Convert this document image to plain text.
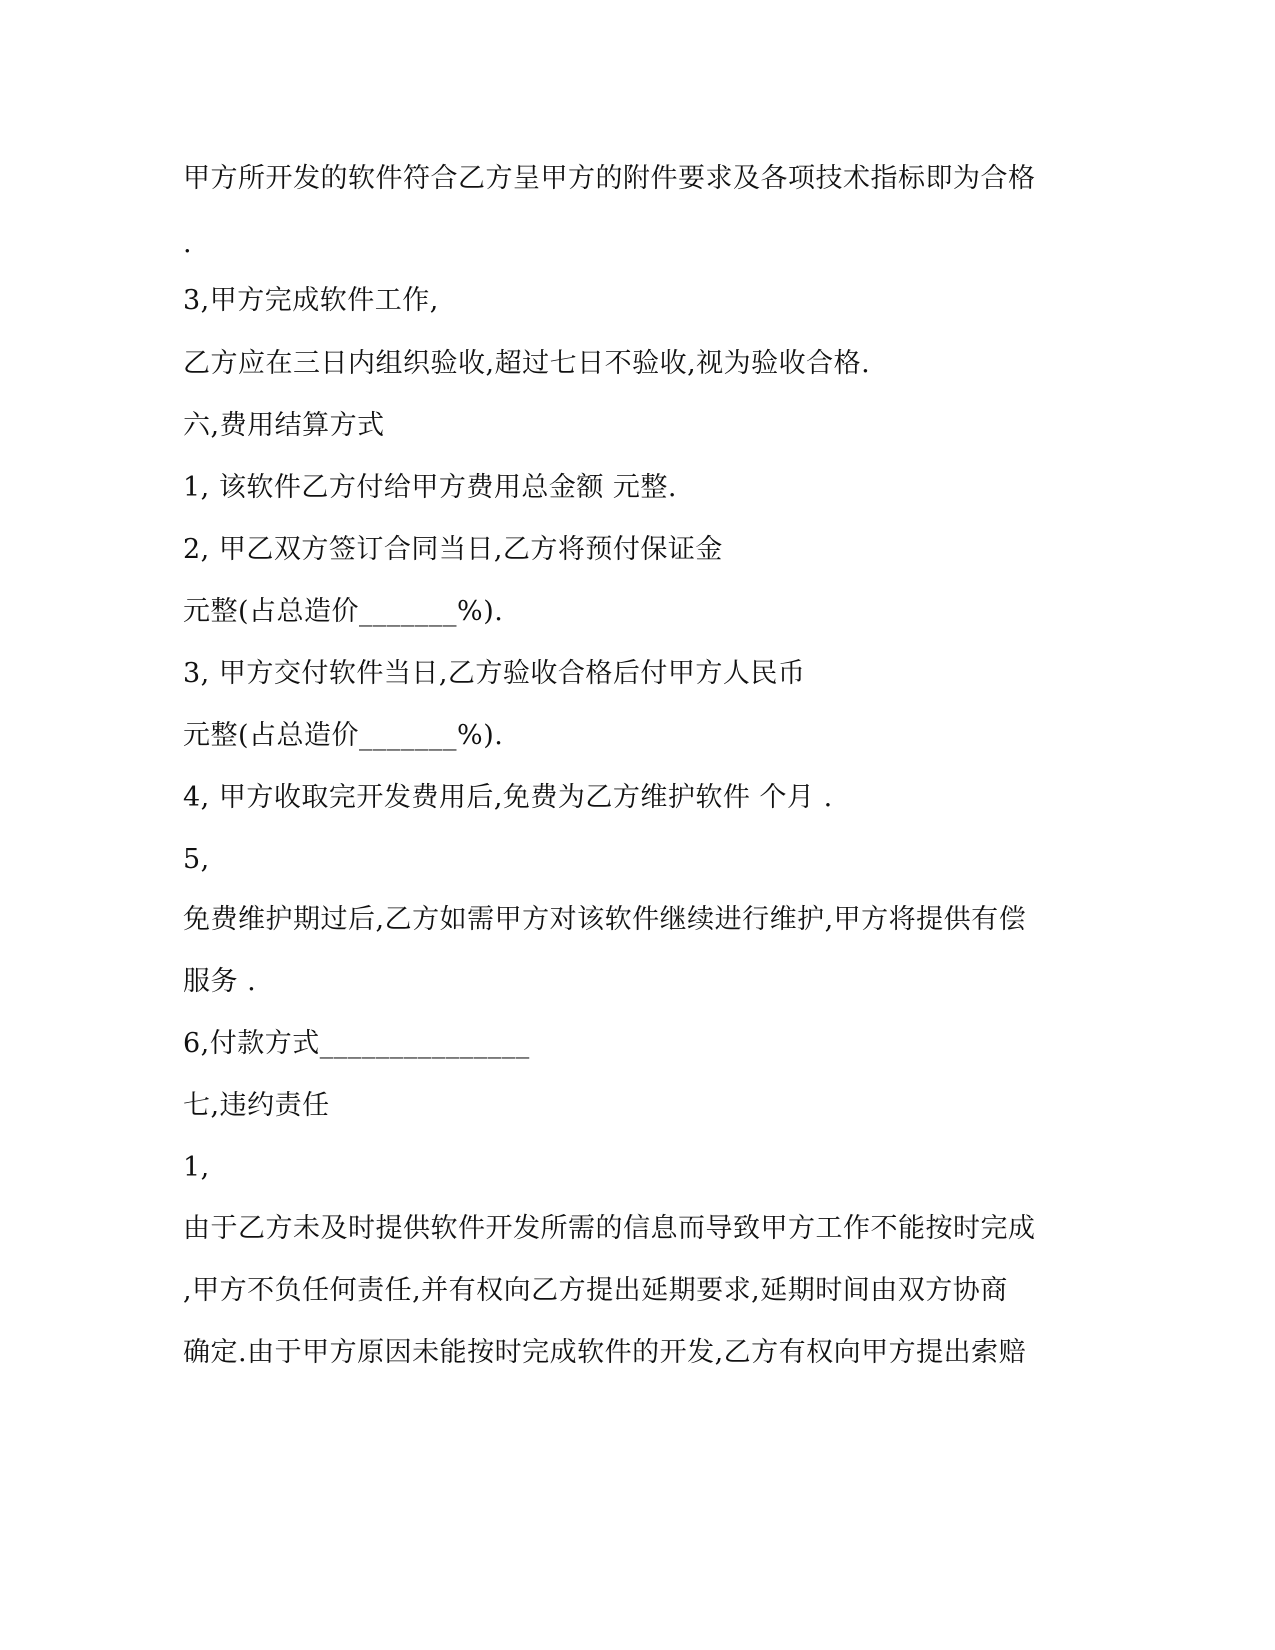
甲方所开发的软件符合乙方呈甲方的附件要求及各项技术指标即为合格
.
3,甲方完成软件工作,
乙方应在三日内组织验收,超过七日不验收,视为验收合格.
六,费用结算方式
1, 该软件乙方付给甲方费用总金额 元整.
2, 甲乙双方签订合同当日,乙方将预付保证金
元整(占总造价_______%).
3, 甲方交付软件当日,乙方验收合格后付甲方人民币
元整(占总造价_______%).
4, 甲方收取完开发费用后,免费为乙方维护软件 个月 .
5,
免费维护期过后,乙方如需甲方对该软件继续进行维护,甲方将提供有偿
服务 .
6,付款方式_______________
七,违约责任
1,
由于乙方未及时提供软件开发所需的信息而导致甲方工作不能按时完成
,甲方不负任何责任,并有权向乙方提出延期要求,延期时间由双方协商
确定.由于甲方原因未能按时完成软件的开发,乙方有权向甲方提出索赔
